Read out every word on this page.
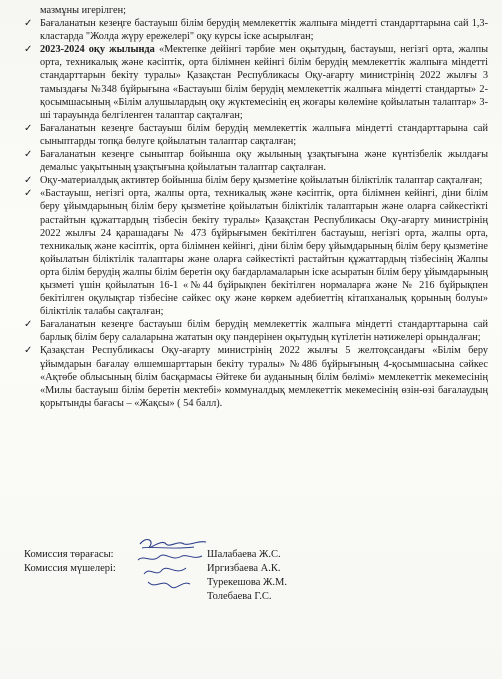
мазмұны игерілген;
✓ Бағаланатын кезеңге бастауыш білім берудің мемлекеттік жалпыға міндетті стандарттарына сай 1,3- кластарда "Жолда жүру ережелері" оқу курсы іске асырылған;
✓ 2023-2024 оқу жылында «Мектепке дейінгі тәрбие мен оқытудың, бастауыш, негізгі орта, жалпы орта, техникалық және кәсіптік, орта білімнен кейінгі білім берудің мемлекеттік жалпыға міндетті стандарттарын бекіту туралы» Қазақстан Республикасы Оқу-ағарту министрінің 2022 жылғы 3 тамыздағы №348 бұйрығына «Бастауыш білім берудің мемлекеттік жалпыға міндетті стандарты» 2-қосымшасының «Білім алушылардың оқу жүктемесінің ең жоғары көлеміне қойылатын талаптар» 3-ші тарауында белгіленген талаптар сақталған;
✓ Бағаланатын кезеңге бастауыш білім берудің мемлекеттік жалпыға міндетті стандарттарына сай сыныптарды топқа бөлуге қойылатын талаптар сақталған;
✓ Бағаланатын кезеңге сыныптар бойынша оқу жылының ұзақтығына және күнтізбелік жылдағы демалыс уақытының ұзақтығына қойылатын талаптар сақталған.
✓ Оқу-материалдық активтер бойынша білім беру қызметіне қойылатын біліктілік талаптар сақталған;
✓ «Бастауыш, негізгі орта, жалпы орта, техникалық және кәсіптік, орта білімнен кейінгі, діни білім беру ұйымдарының білім беру қызметіне қойылатын біліктілік талаптарын және оларға сәйкестікті растайтын құжаттардың тізбесін бекіту туралы» Қазақстан Республикасы Оқу-ағарту министрінің 2022 жылғы 24 қарашадағы № 473 бұйрығымен бекітілген бастауыш, негізгі орта, жалпы орта, техникалық және кәсіптік, орта білімнен кейінгі, діни білім беру ұйымдарының білім беру қызметіне қойылатын біліктілік талаптары және оларға сәйкестікті растайтын құжаттардың тізбесінің Жалпы орта білім берудің жалпы білім беретін оқу бағдарламаларын іске асыратын білім беру ұйымдарының қызметі үшін қойылатын 16-1 «№44 бұйрықпен бекітілген нормаларға және № 216 бұйрықпен бекітілген оқулықтар тізбесіне сәйкес оқу және көркем әдебиеттің кітапханалық қорының болуы» біліктілік талабы сақталған;
✓ Бағаланатын кезеңге бастауыш білім берудің мемлекеттік жалпыға міндетті стандарттарына сай барлық білім беру салаларына жататын оқу пәндерінен оқытудың күтілетін нәтижелері орындалған;
✓ Қазақстан Республикасы Оқу-ағарту министрінің 2022 жылғы 5 желтоқсандағы «Білім беру ұйымдарын бағалау өлшемшарттарын бекіту туралы» №486 бұйрығының 4-қосымшасына сәйкес «Ақтөбе облысының білім басқармасы Әйтеке би ауданының білім бөлімі» мемлекеттік мекемесінің «Милы бастауыш білім беретін мектебі» коммуналдық мемлекеттік мекемесінің өзін-өзі бағалаудың қорытынды бағасы – «Жақсы» ( 54 балл).
Комиссия төрағасы:	Шалабаева Ж.С.
Комиссия мүшелері:	Иргизбаева А.К.
Турекешова Ж.М.
Толебаева Г.С.
